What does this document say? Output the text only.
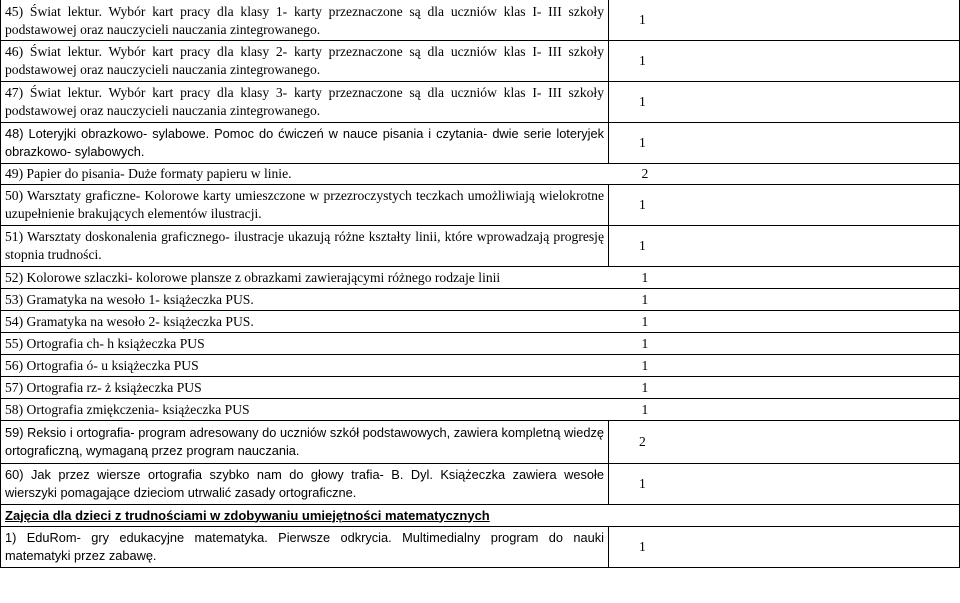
45) Świat lektur. Wybór kart pracy dla klasy 1- karty przeznaczone są dla uczniów klas I- III szkoły podstawowej oraz nauczycieli nauczania zintegrowanego.	1
46) Świat lektur. Wybór kart pracy dla klasy 2- karty przeznaczone są dla uczniów klas I- III szkoły podstawowej oraz nauczycieli nauczania zintegrowanego.	1
47) Świat lektur. Wybór kart pracy dla klasy 3- karty przeznaczone są dla uczniów klas I- III szkoły podstawowej oraz nauczycieli nauczania zintegrowanego.	1
48) Loteryjki obrazkowo- sylabowe. Pomoc do ćwiczeń w nauce pisania i czytania- dwie serie loteryjek obrazkowo- sylabowych.	1
49) Papier do pisania- Duże formaty papieru w linie. 2	

50) Warsztaty graficzne- Kolorowe karty umieszczone w przezroczystych teczkach umożliwiają wielokrotne uzupełnienie brakujących elementów ilustracji.	1
51) Warsztaty doskonalenia graficznego- ilustracje ukazują różne kształty linii, które wprowadzają progresję stopnia trudności.	1
52) Kolorowe szlaczki- kolorowe plansze z obrazkami zawierającymi różnego rodzaje linii 1	

53) Gramatyka na wesoło 1- książeczka PUS. 1	

54) Gramatyka na wesoło 2- książeczka PUS. 1	

55) Ortografia ch- h książeczka PUS 1	

56) Ortografia ó- u książeczka PUS 1	

57) Ortografia rz- ż książeczka PUS 1	

58) Ortografia zmiękczenia- książeczka PUS 1	

59) Reksio i ortografia- program adresowany do uczniów szkół podstawowych, zawiera kompletną wiedzę ortograficzną, wymaganą przez program nauczania.	2
60) Jak przez wiersze ortografia szybko nam do głowy trafia- B. Dyl. Książeczka zawiera wesołe wierszyki pomagające dzieciom utrwalić zasady ortograficzne.	1
Zajęcia dla dzieci z trudnościami w zdobywaniu umiejętności matematycznych	
1) EduRom- gry edukacyjne matematyka. Pierwsze odkrycia. Multimedialny program do nauki matematyki przez zabawę.	1
